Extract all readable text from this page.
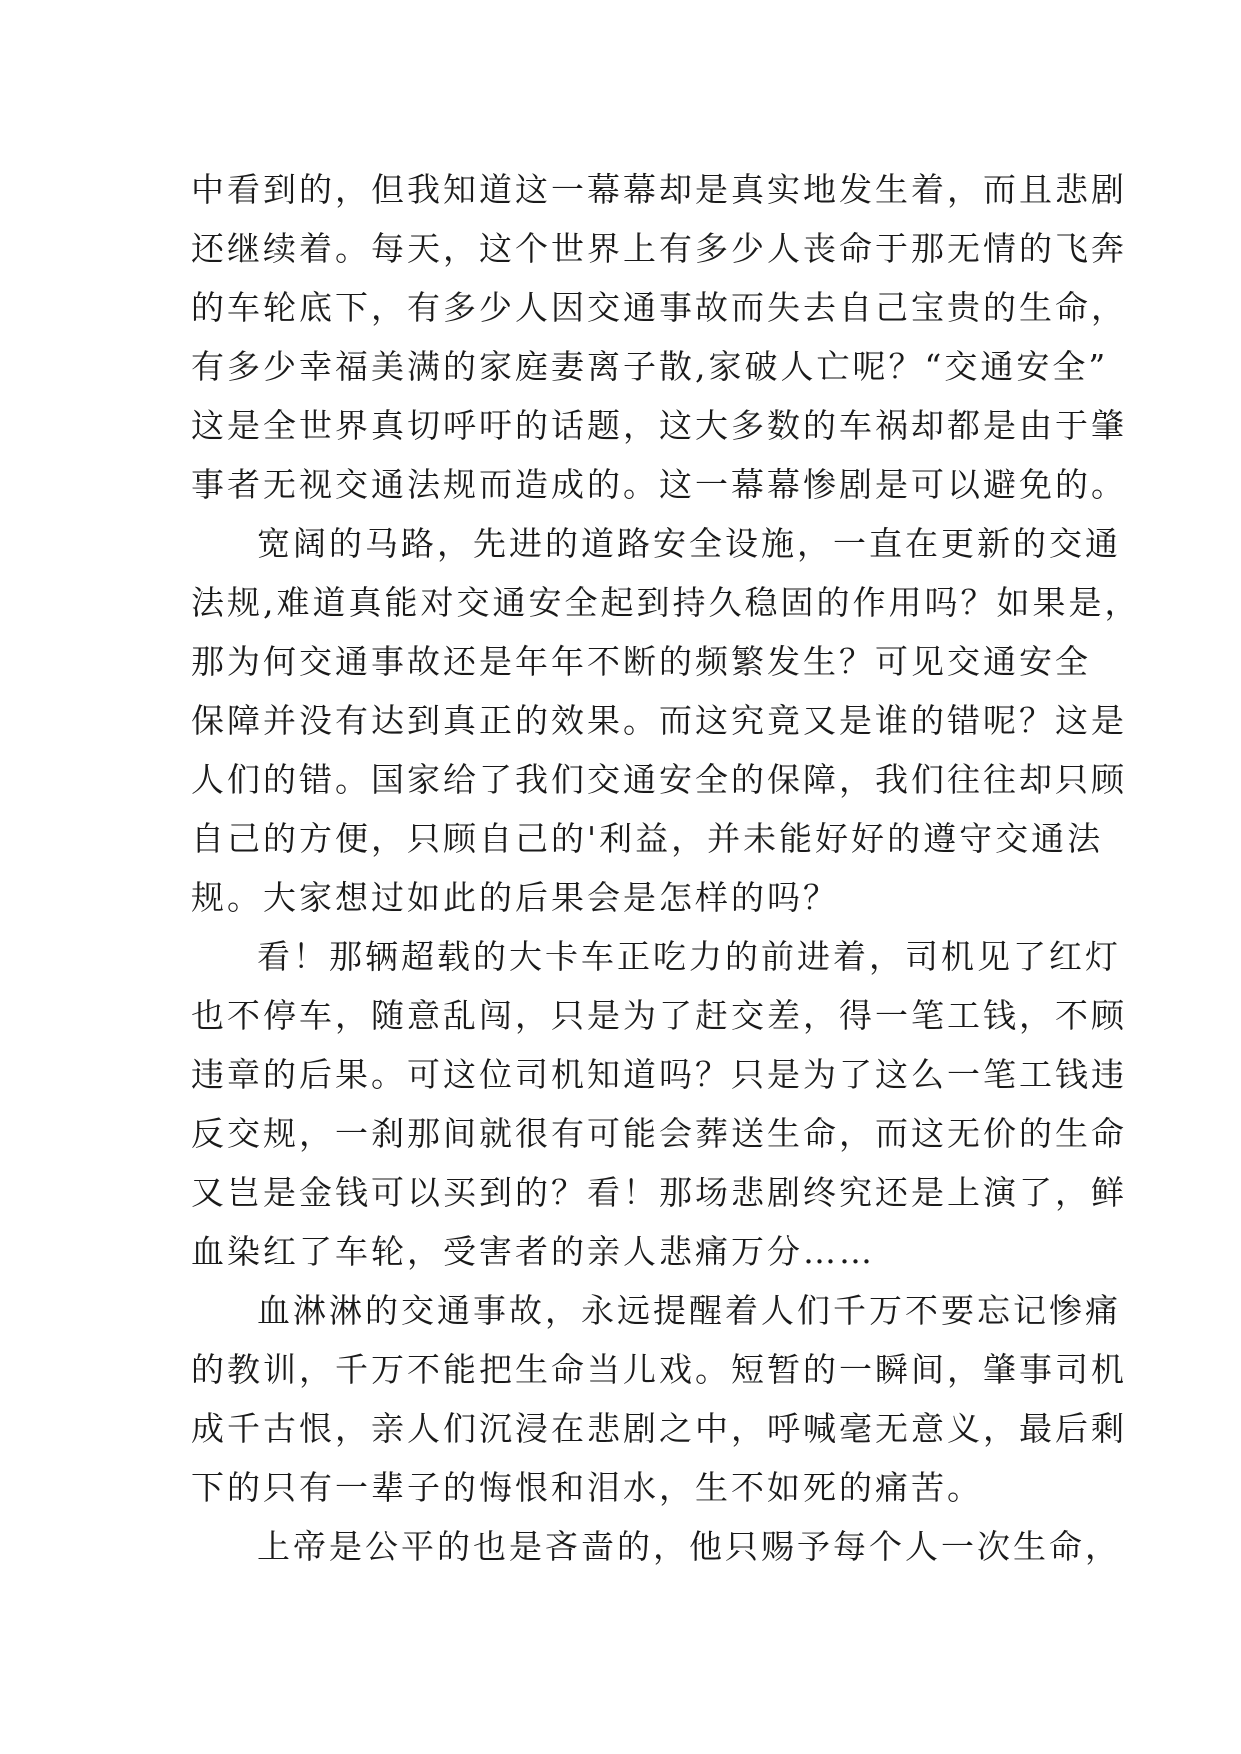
中看到的，但我知道这一幕幕却是真实地发生着，而且悲剧
还继续着。每天，这个世界上有多少人丧命于那无情的飞奔
的车轮底下，有多少人因交通事故而失去自己宝贵的生命，
有多少幸福美满的家庭妻离子散,家破人亡呢？“交通安全”
这是全世界真切呼吁的话题，这大多数的车祸却都是由于肇
事者无视交通法规而造成的。这一幕幕惨剧是可以避免的。
宽阔的马路，先进的道路安全设施，一直在更新的交通
法规,难道真能对交通安全起到持久稳固的作用吗？如果是，
那为何交通事故还是年年不断的频繁发生？可见交通安全
保障并没有达到真正的效果。而这究竟又是谁的错呢？这是
人们的错。国家给了我们交通安全的保障，我们往往却只顾
自己的方便，只顾自己的'利益，并未能好好的遵守交通法
规。大家想过如此的后果会是怎样的吗？
看！那辆超载的大卡车正吃力的前进着，司机见了红灯
也不停车，随意乱闯，只是为了赶交差，得一笔工钱，不顾
违章的后果。可这位司机知道吗？只是为了这么一笔工钱违
反交规，一刹那间就很有可能会葬送生命，而这无价的生命
又岂是金钱可以买到的？看！那场悲剧终究还是上演了，鲜
血染红了车轮，受害者的亲人悲痛万分……
血淋淋的交通事故，永远提醒着人们千万不要忘记惨痛
的教训，千万不能把生命当儿戏。短暂的一瞬间，肇事司机
成千古恨，亲人们沉浸在悲剧之中，呼喊毫无意义，最后剩
下的只有一辈子的悔恨和泪水，生不如死的痛苦。
上帝是公平的也是吝啬的，他只赐予每个人一次生命，
